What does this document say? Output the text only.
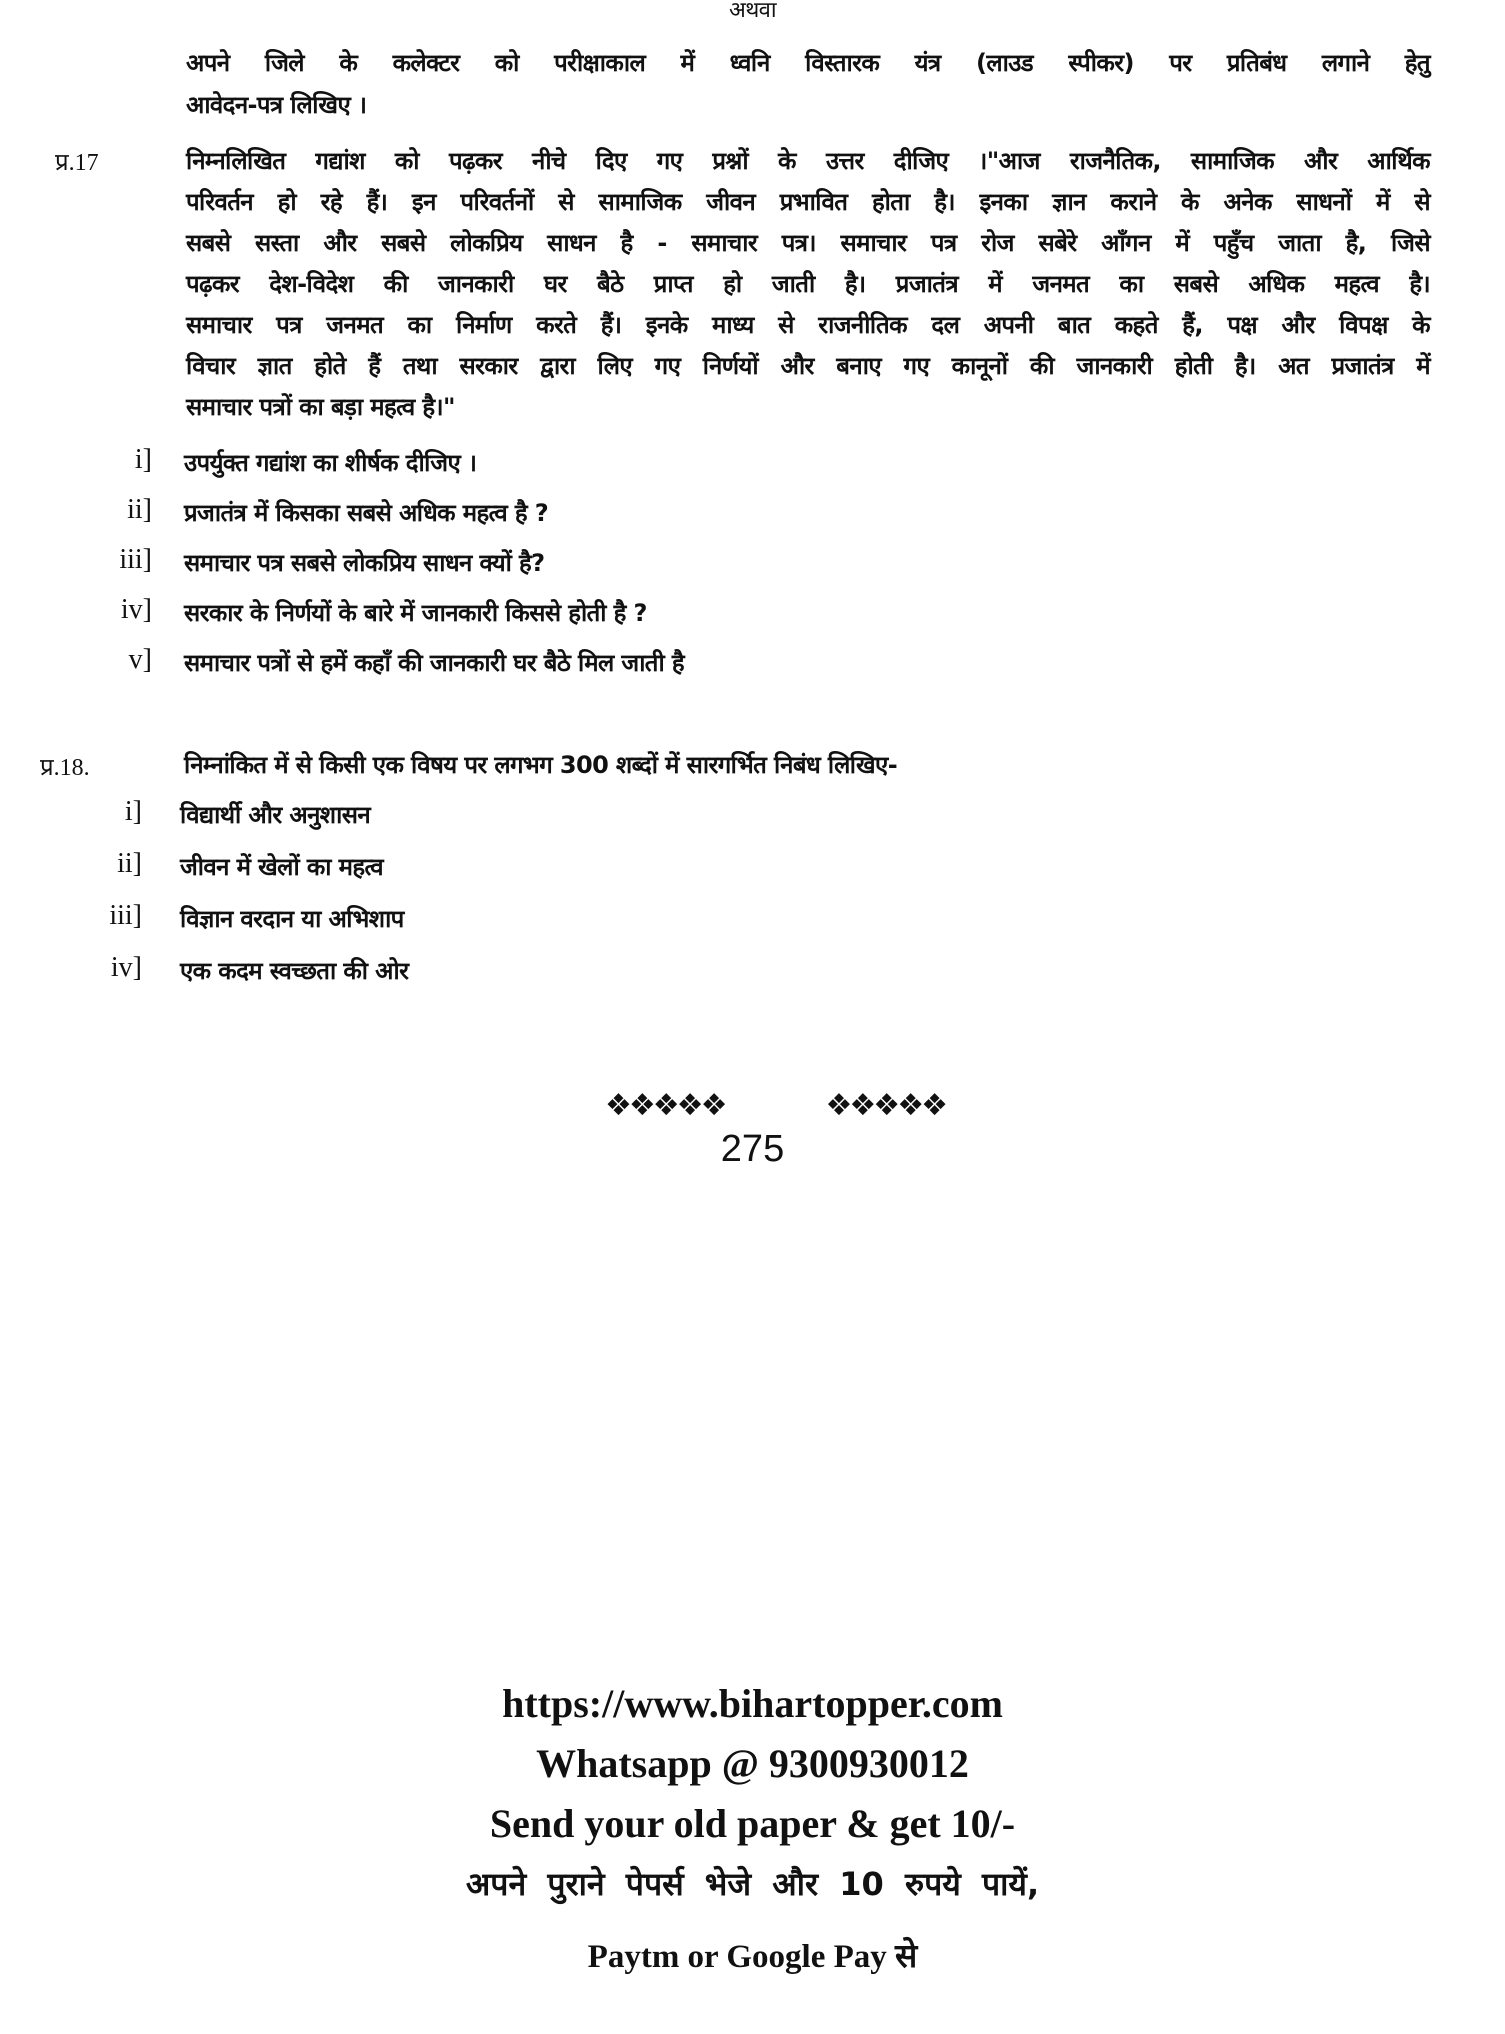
अथवा
अपने जिले के कलेक्टर को परीक्षाकाल में ध्वनि विस्तारक यंत्र (लाउड स्पीकर) पर प्रतिबंध लगाने हेतु
आवेदन-पत्र लिखिए ।
प्र.17	निम्नलिखित गद्यांश को पढ़कर नीचे दिए गए प्रश्नों के उत्तर दीजिए ।"आज राजनैतिक, सामाजिक और आर्थिक
परिवर्तन हो रहे हैं। इन परिवर्तनों से सामाजिक जीवन प्रभावित होता है। इनका ज्ञान कराने के अनेक साधनों में से
सबसे सस्ता और सबसे लोकप्रिय साधन है - समाचार पत्र। समाचार पत्र रोज सबेरे आँगन में पहुँच जाता है, जिसे
पढ़कर देश-विदेश की जानकारी घर बैठे प्राप्त हो जाती है। प्रजातंत्र में जनमत का सबसे अधिक महत्व है।
समाचार पत्र जनमत का निर्माण करते हैं। इनके माध्य से राजनीतिक दल अपनी बात कहते हैं, पक्ष और विपक्ष के
विचार ज्ञात होते हैं तथा सरकार द्वारा लिए गए निर्णयों और बनाए गए कानूनों की जानकारी होती है। अत प्रजातंत्र में
समाचार पत्रों का बड़ा महत्व है।"
i] उपर्युक्त गद्यांश का शीर्षक दीजिए ।
ii] प्रजातंत्र में किसका सबसे अधिक महत्व है ?
iii] समाचार पत्र सबसे लोकप्रिय साधन क्यों है?
iv] सरकार के निर्णयों के बारे में जानकारी किससे होती है ?
v] समाचार पत्रों से हमें कहाँ की जानकारी घर बैठे मिल जाती है
प्र.18.	निम्नांकित में से किसी एक विषय पर लगभग 300 शब्दों में सारगर्भित निबंध लिखिए-
i] विद्यार्थी और अनुशासन
ii] जीवन में खेलों का महत्व
iii] विज्ञान वरदान या अभिशाप
iv] एक कदम स्वच्छता की ओर
❖❖❖❖❖	❖❖❖❖❖
275
https://www.bihartopper.com
Whatsapp @ 9300930012
Send your old paper & get 10/-
अपने पुराने पेपर्स भेजे और 10 रुपये पायें,
Paytm or Google Pay से
